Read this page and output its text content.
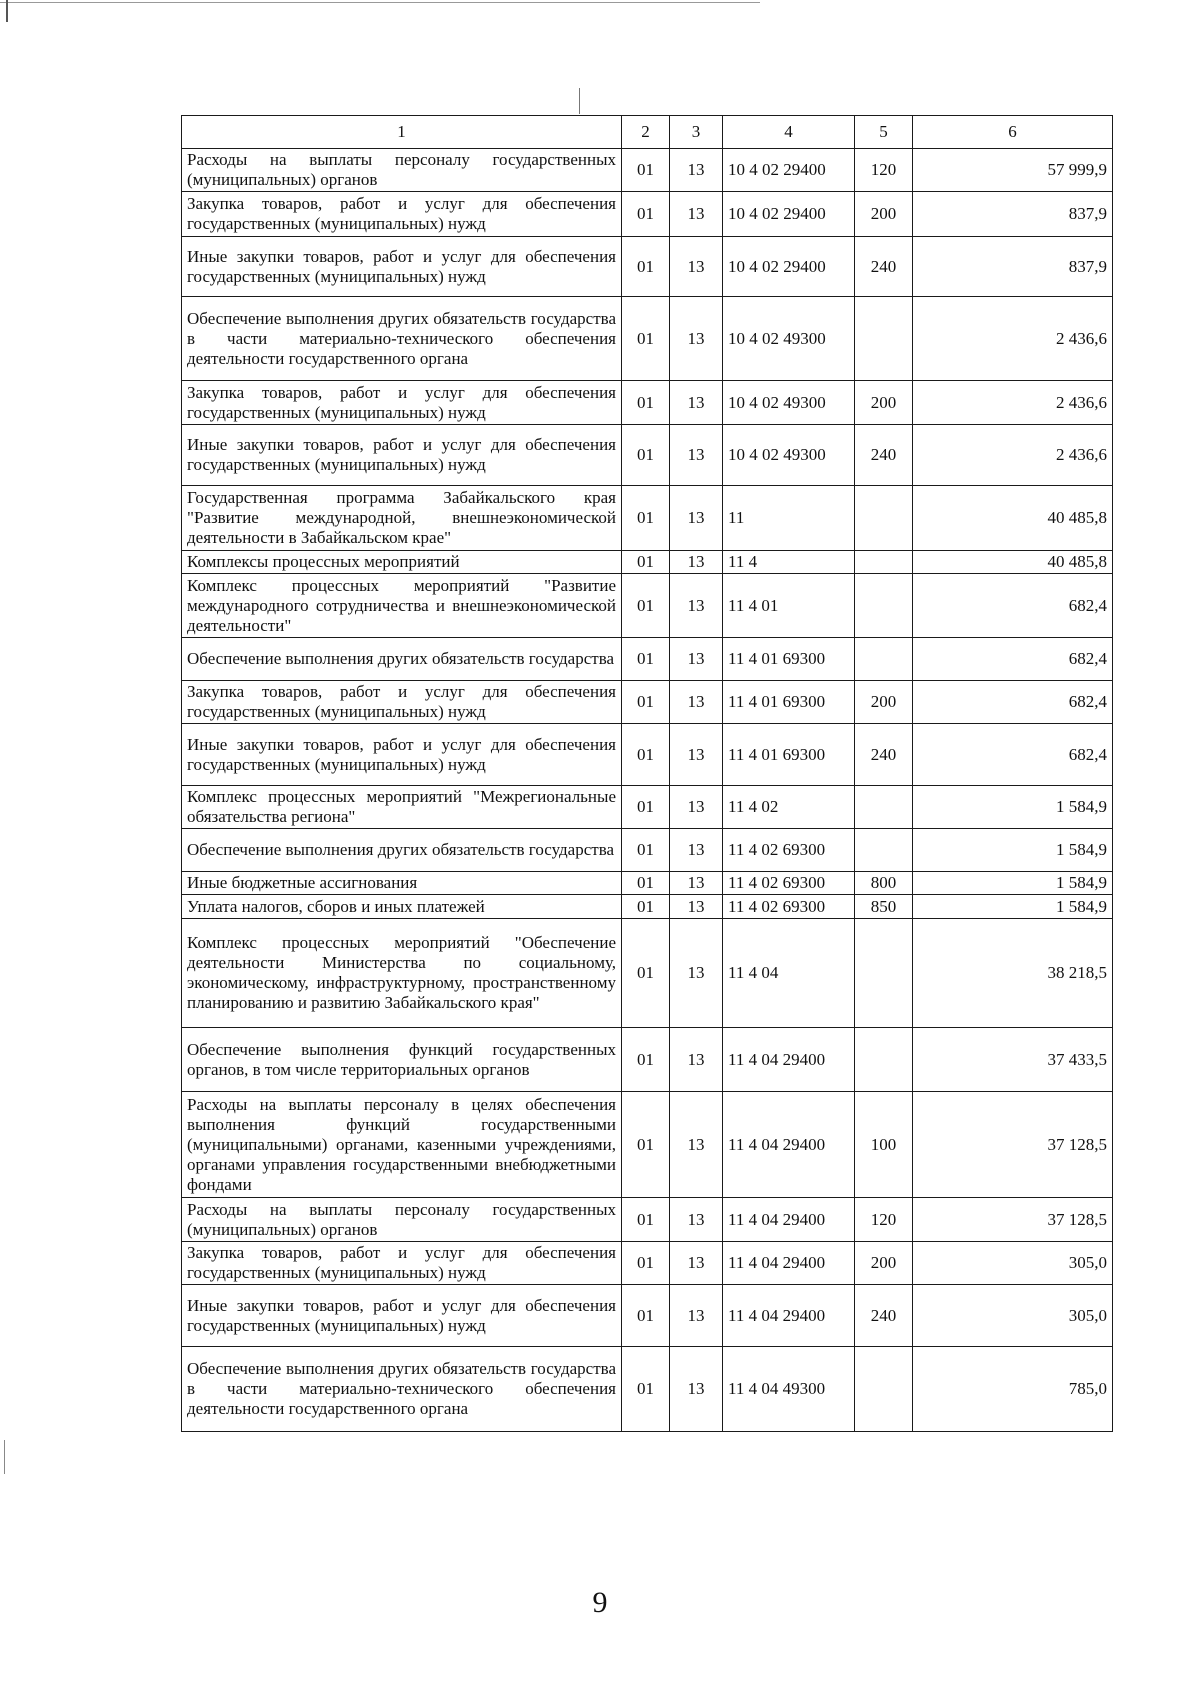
1	2	3	4	5	6
Расходы на выплаты персоналу государственных (муниципальных) органов	01	13	10 4 02 29400	120	57 999,9
Закупка товаров, работ и услуг для обеспечения государственных (муниципальных) нужд	01	13	10 4 02 29400	200	837,9
Иные закупки товаров, работ и услуг для обеспечения государственных (муниципальных) нужд	01	13	10 4 02 29400	240	837,9
Обеспечение выполнения других обязательств государства в части материально-технического обеспечения деятельности государственного органа	01	13	10 4 02 49300		2 436,6
Закупка товаров, работ и услуг для обеспечения государственных (муниципальных) нужд	01	13	10 4 02 49300	200	2 436,6
Иные закупки товаров, работ и услуг для обеспечения государственных (муниципальных) нужд	01	13	10 4 02 49300	240	2 436,6
Государственная программа Забайкальского края "Развитие международной, внешнеэкономической деятельности в Забайкальском крае"	01	13	11		40 485,8
Комплексы процессных мероприятий	01	13	11 4		40 485,8
Комплекс процессных мероприятий "Развитие международного сотрудничества и внешнеэкономической деятельности"	01	13	11 4 01		682,4
Обеспечение выполнения других обязательств государства	01	13	11 4 01 69300		682,4
Закупка товаров, работ и услуг для обеспечения государственных (муниципальных) нужд	01	13	11 4 01 69300	200	682,4
Иные закупки товаров, работ и услуг для обеспечения государственных (муниципальных) нужд	01	13	11 4 01 69300	240	682,4
Комплекс процессных мероприятий "Межрегиональные обязательства региона"	01	13	11 4 02		1 584,9
Обеспечение выполнения других обязательств государства	01	13	11 4 02 69300		1 584,9
Иные бюджетные ассигнования	01	13	11 4 02 69300	800	1 584,9
Уплата налогов, сборов и иных платежей	01	13	11 4 02 69300	850	1 584,9
Комплекс процессных мероприятий "Обеспечение деятельности Министерства по социальному, экономическому, инфраструктурному, пространственному планированию и развитию Забайкальского края"	01	13	11 4 04		38 218,5
Обеспечение выполнения функций государственных органов, в том числе территориальных органов	01	13	11 4 04 29400		37 433,5
Расходы на выплаты персоналу в целях обеспечения выполнения функций государственными (муниципальными) органами, казенными учреждениями, органами управления государственными внебюджетными фондами	01	13	11 4 04 29400	100	37 128,5
Расходы на выплаты персоналу государственных (муниципальных) органов	01	13	11 4 04 29400	120	37 128,5
Закупка товаров, работ и услуг для обеспечения государственных (муниципальных) нужд	01	13	11 4 04 29400	200	305,0
Иные закупки товаров, работ и услуг для обеспечения государственных (муниципальных) нужд	01	13	11 4 04 29400	240	305,0
Обеспечение выполнения других обязательств государства в части материально-технического обеспечения деятельности государственного органа	01	13	11 4 04 49300		785,0
9
